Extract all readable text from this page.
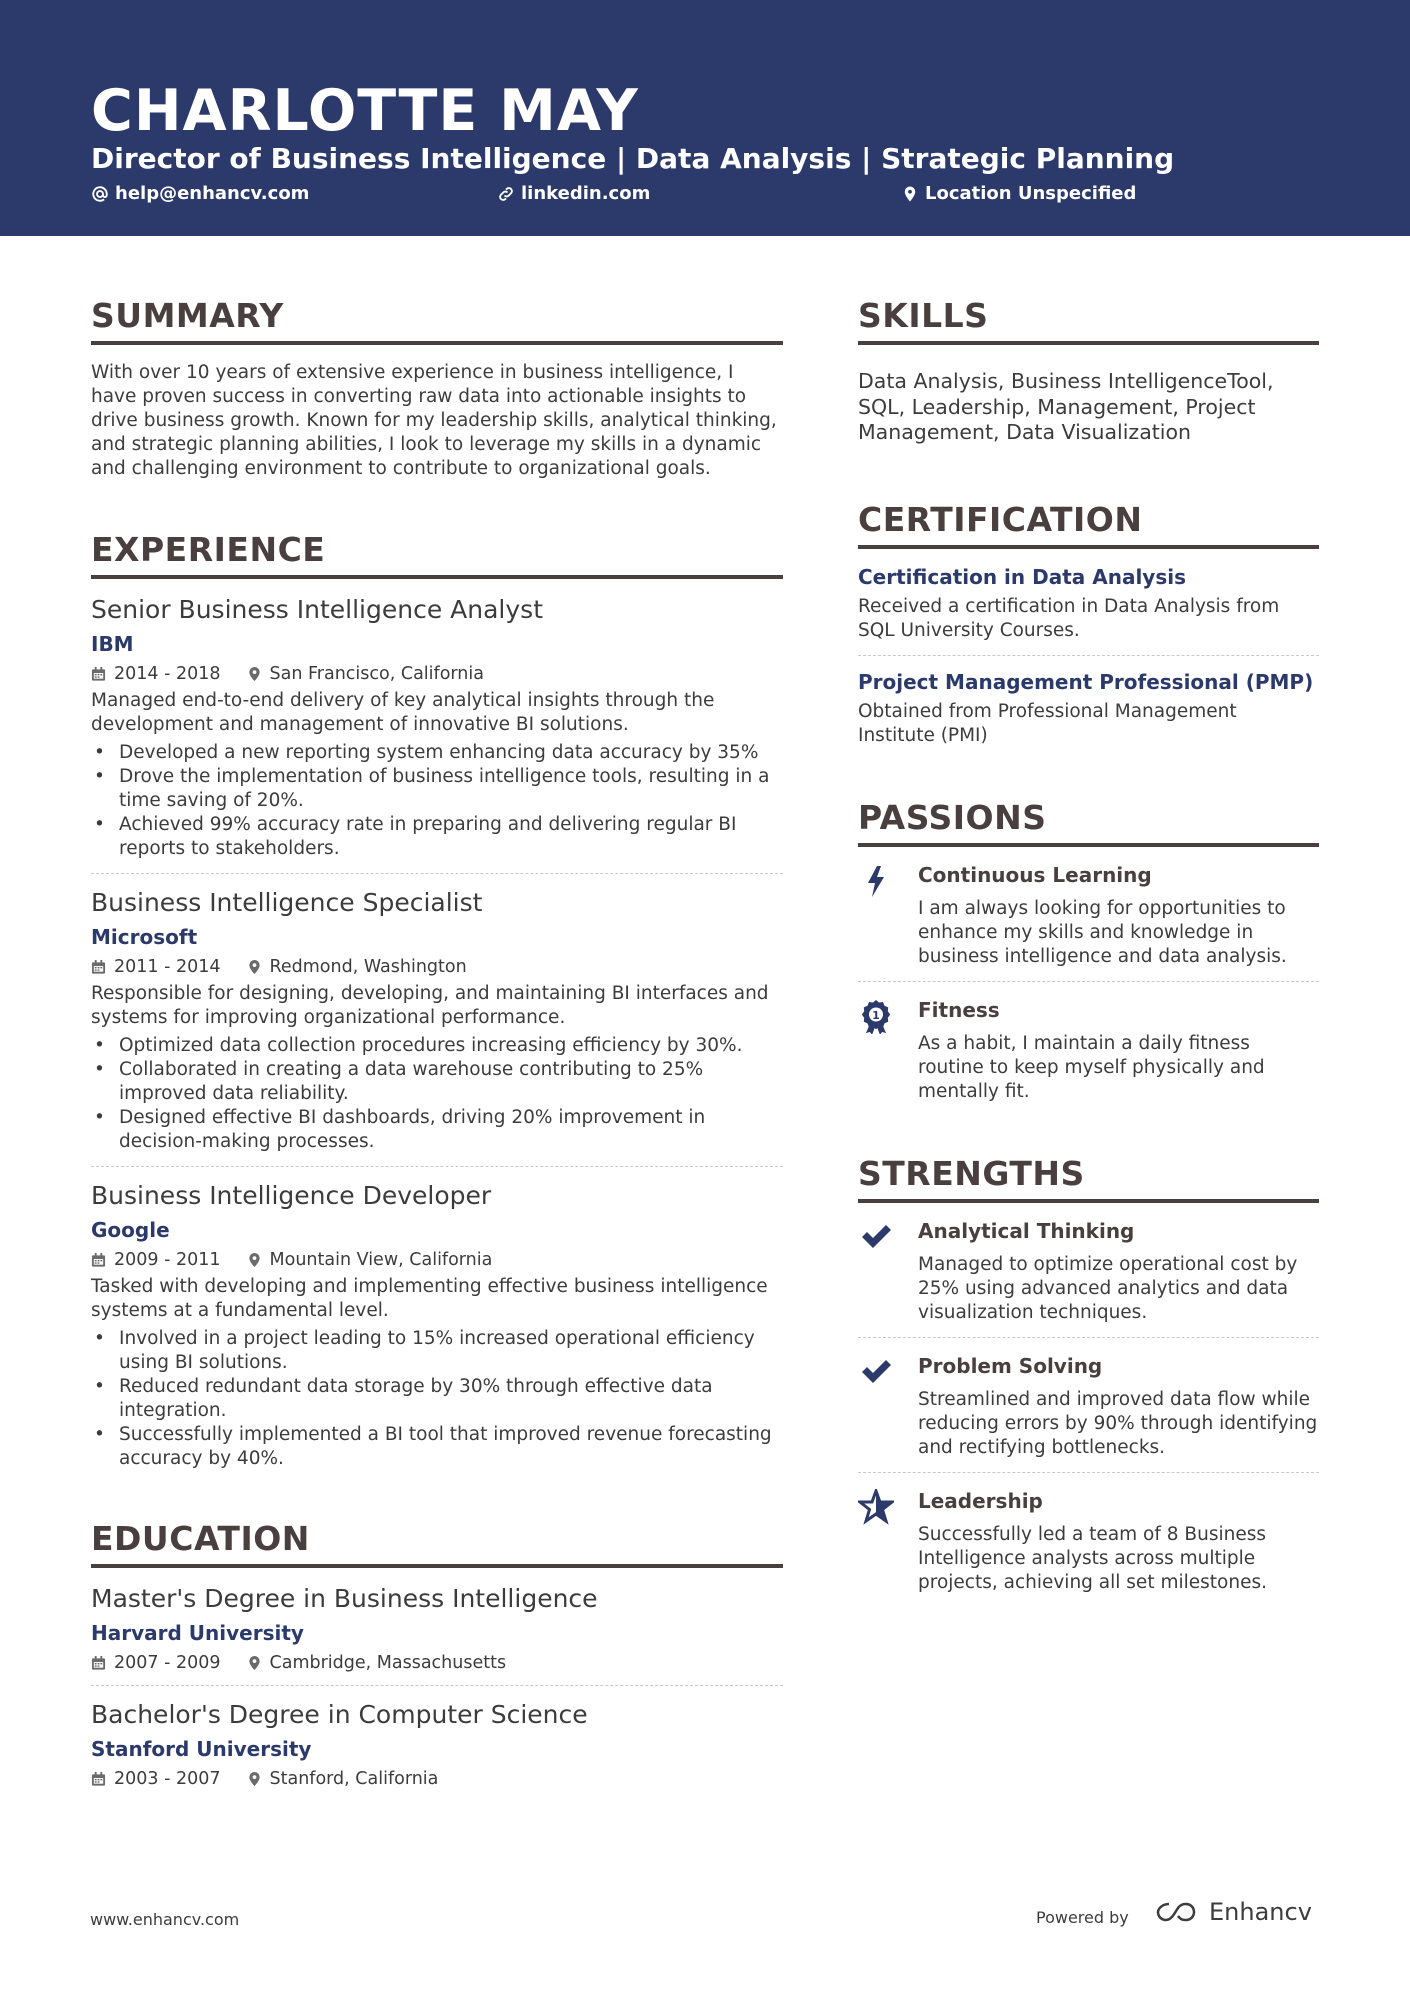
CHARLOTTE MAY
Director of Business Intelligence | Data Analysis | Strategic Planning
help@enhancv.com	linkedin.com	Location Unspecified
SUMMARY
With over 10 years of extensive experience in business intelligence, I have proven success in converting raw data into actionable insights to drive business growth. Known for my leadership skills, analytical thinking, and strategic planning abilities, I look to leverage my skills in a dynamic and challenging environment to contribute to organizational goals.
EXPERIENCE
Senior Business Intelligence Analyst
IBM
2014 - 2018	San Francisco, California
Managed end-to-end delivery of key analytical insights through the development and management of innovative BI solutions.
• Developed a new reporting system enhancing data accuracy by 35%
• Drove the implementation of business intelligence tools, resulting in a time saving of 20%.
• Achieved 99% accuracy rate in preparing and delivering regular BI reports to stakeholders.
Business Intelligence Specialist
Microsoft
2011 - 2014	Redmond, Washington
Responsible for designing, developing, and maintaining BI interfaces and systems for improving organizational performance.
• Optimized data collection procedures increasing efficiency by 30%.
• Collaborated in creating a data warehouse contributing to 25% improved data reliability.
• Designed effective BI dashboards, driving 20% improvement in decision-making processes.
Business Intelligence Developer
Google
2009 - 2011	Mountain View, California
Tasked with developing and implementing effective business intelligence systems at a fundamental level.
• Involved in a project leading to 15% increased operational efficiency using BI solutions.
• Reduced redundant data storage by 30% through effective data integration.
• Successfully implemented a BI tool that improved revenue forecasting accuracy by 40%.
EDUCATION
Master's Degree in Business Intelligence
Harvard University
2007 - 2009	Cambridge, Massachusetts
Bachelor's Degree in Computer Science
Stanford University
2003 - 2007	Stanford, California
SKILLS
Data Analysis, Business IntelligenceTool, SQL, Leadership, Management, Project Management, Data Visualization
CERTIFICATION
Certification in Data Analysis
Received a certification in Data Analysis from SQL University Courses.
Project Management Professional (PMP)
Obtained from Professional Management Institute (PMI)
PASSIONS
Continuous Learning
I am always looking for opportunities to enhance my skills and knowledge in business intelligence and data analysis.
1 Fitness
As a habit, I maintain a daily fitness routine to keep myself physically and mentally fit.
STRENGTHS
Analytical Thinking
Managed to optimize operational cost by 25% using advanced analytics and data visualization techniques.
Problem Solving
Streamlined and improved data flow while reducing errors by 90% through identifying and rectifying bottlenecks.
Leadership
Successfully led a team of 8 Business Intelligence analysts across multiple projects, achieving all set milestones.
www.enhancv.com	Powered by	Enhancv
